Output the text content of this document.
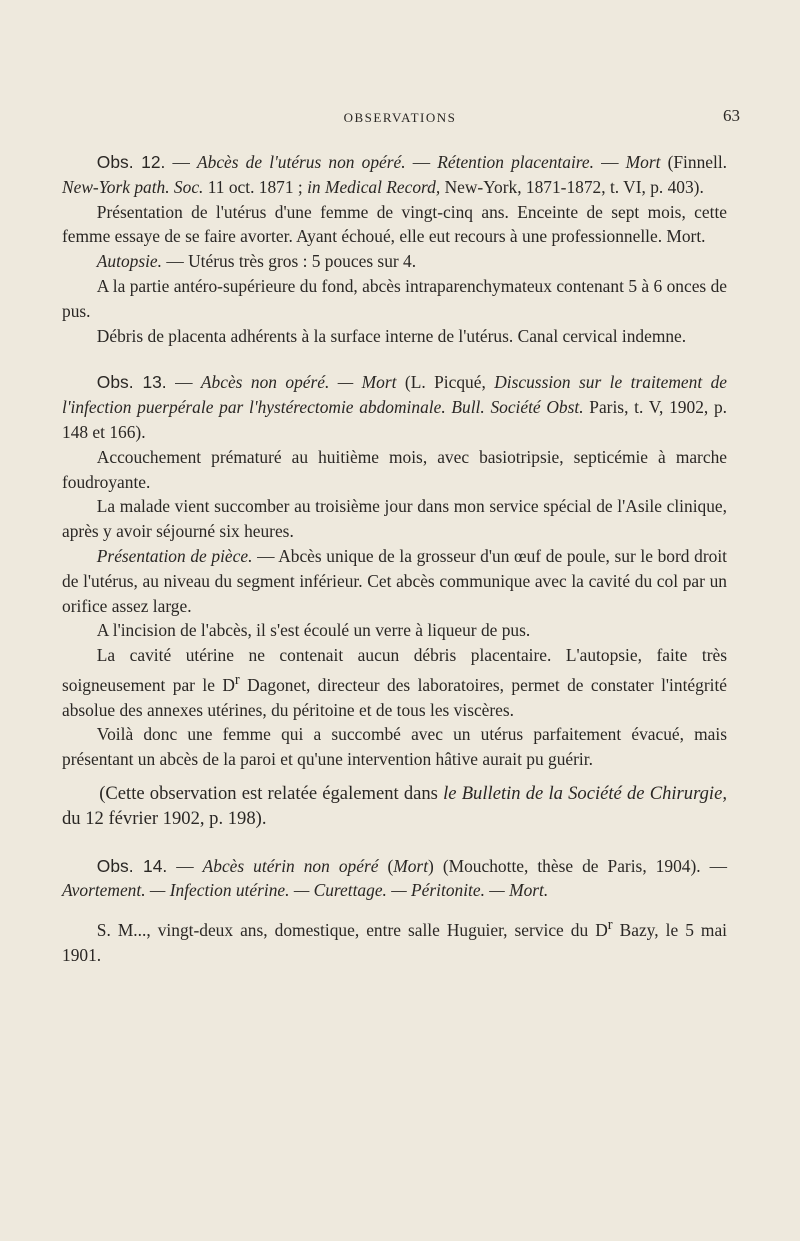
OBSERVATIONS	63

Obs. 12. — Abcès de l'utérus non opéré. — Rétention placentaire. — Mort (Finnell. New-York path. Soc. 11 oct. 1871 ; in Medical Record, New-York, 1871-1872, t. VI, p. 403).

Présentation de l'utérus d'une femme de vingt-cinq ans. Enceinte de sept mois, cette femme essaye de se faire avorter. Ayant échoué, elle eut recours à une professionnelle. Mort.

Autopsie. — Utérus très gros : 5 pouces sur 4.

A la partie antéro-supérieure du fond, abcès intraparenchymateux contenant 5 à 6 onces de pus.

Débris de placenta adhérents à la surface interne de l'utérus. Canal cervical indemne.

Obs. 13. — Abcès non opéré. — Mort (L. Picqué, Discussion sur le traitement de l'infection puerpérale par l'hystérectomie abdominale. Bull. Société Obst. Paris, t. V, 1902, p. 148 et 166).

Accouchement prématuré au huitième mois, avec basiotripsie, septicémie à marche foudroyante.

La malade vient succomber au troisième jour dans mon service spécial de l'Asile clinique, après y avoir séjourné six heures.

Présentation de pièce. — Abcès unique de la grosseur d'un œuf de poule, sur le bord droit de l'utérus, au niveau du segment inférieur. Cet abcès communique avec la cavité du col par un orifice assez large.

A l'incision de l'abcès, il s'est écoulé un verre à liqueur de pus.

La cavité utérine ne contenait aucun débris placentaire. L'autopsie, faite très soigneusement par le $D^r$ Dagonet, directeur des laboratoires, permet de constater l'intégrité absolue des annexes utérines, du péritoine et de tous les viscères.

Voilà donc une femme qui a succombé avec un utérus parfaitement évacué, mais présentant un abcès de la paroi et qu'une intervention hâtive aurait pu guérir.

(Cette observation est relatée également dans le Bulletin de la Société de Chirurgie, du 12 février 1902, p. 198).

Obs. 14. — Abcès utérin non opéré (Mort) (Mouchotte, thèse de Paris, 1904). — Avortement. — Infection utérine. — Curettage. — Péritonite. — Mort.

S. M..., vingt-deux ans, domestique, entre salle Huguier, service du $D^r$ Bazy, le 5 mai 1901.
